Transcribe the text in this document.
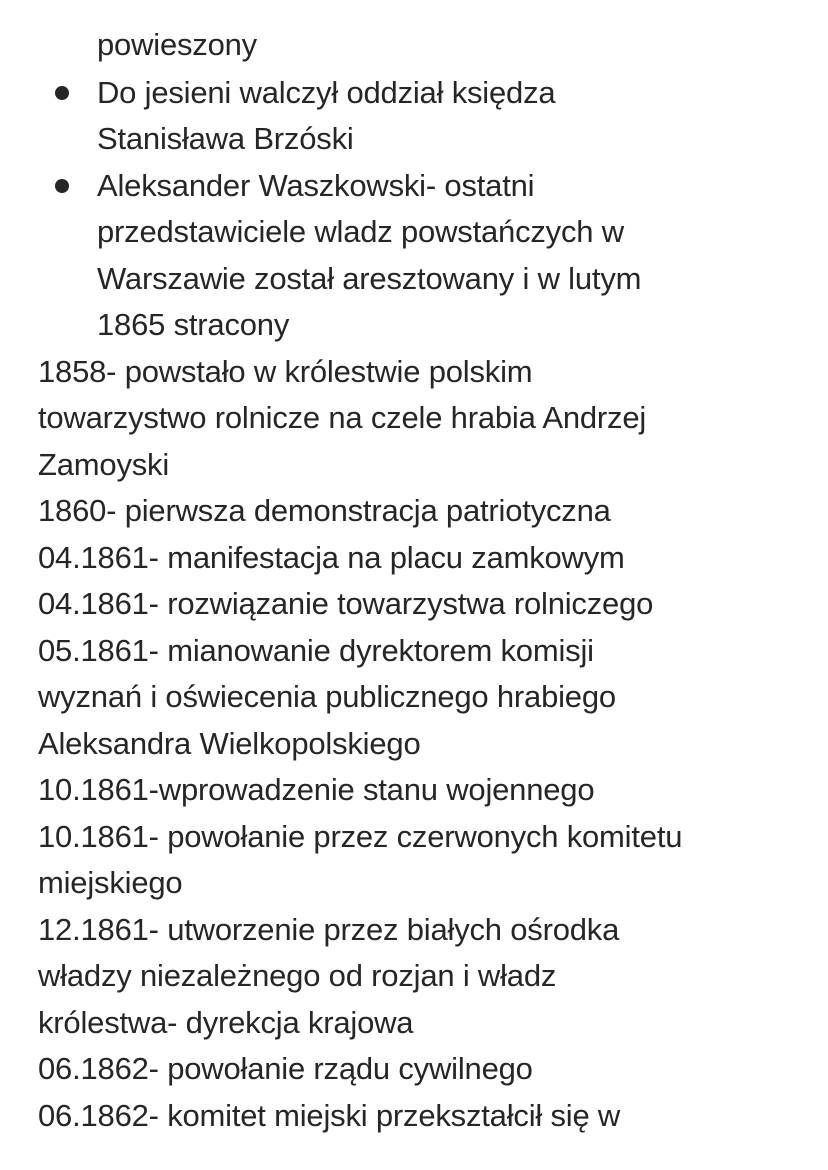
powieszony
Do jesieni walczył oddział księdza
Stanisława Brzóski
Aleksander Waszkowski- ostatni
przedstawiciele wladz powstańczych w
Warszawie został aresztowany i w lutym
1865 stracony
1858- powstało w królestwie polskim
towarzystwo rolnicze na czele hrabia Andrzej
Zamoyski
1860- pierwsza demonstracja patriotyczna
04.1861- manifestacja na placu zamkowym
04.1861- rozwiązanie towarzystwa rolniczego
05.1861- mianowanie dyrektorem komisji
wyznań i oświecenia publicznego hrabiego
Aleksandra Wielkopolskiego
10.1861-wprowadzenie stanu wojennego
10.1861- powołanie przez czerwonych komitetu
miejskiego
12.1861- utworzenie przez białych ośrodka
władzy niezależnego od rozjan i władz
królestwa- dyrekcja krajowa
06.1862- powołanie rządu cywilnego
06.1862- komitet miejski przekształcił się w
